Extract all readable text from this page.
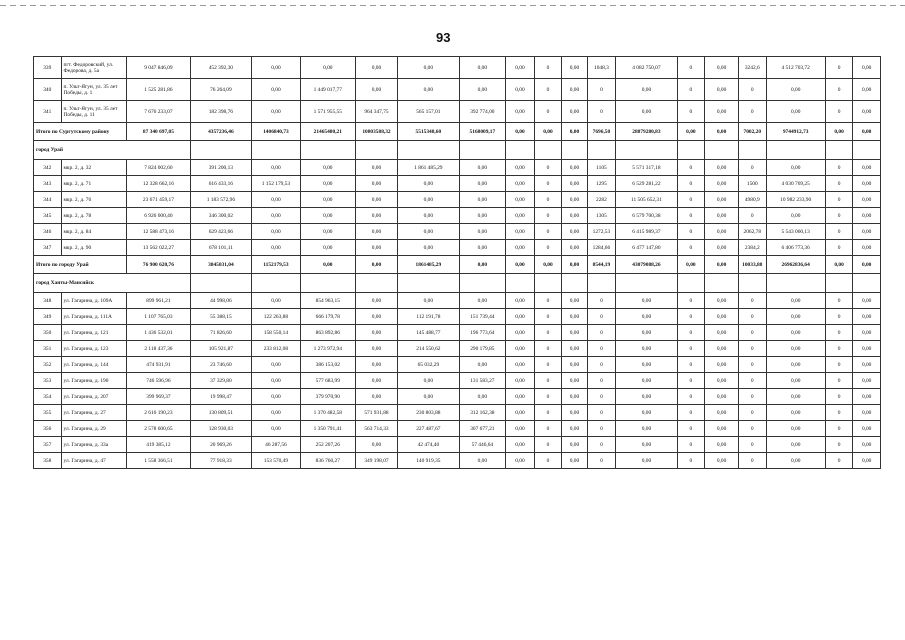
93
339	пгт. Федоровский, ул. Федорова, д. 5а	9 047 846,09	452 392,30	0,00	0,00	0,00	0,00	0,00	0,00	0	0,00	1048,3	4 082 750,07	0	0,00	3242,6	4 512 703,72	0	0,00
340	п. Ульт-Ягун, ул. 35 лет Победы, д. 1	1 525 281,86	76 264,09	0,00	1 449 017,77	0,00	0,00	0,00	0,00	0	0,00	0	0,00	0	0,00	0	0,00	0	0,00
341	п. Ульт-Ягун, ул. 35 лет Победы, д. 11	7 676 233,07	182 398,76	0,00	1 571 955,55	964 347,75	565 157,01	392 774,00	0,00	0	0,00	0	0,00	0	0,00	0	0,00	0	0,00
Итого по Сургутскому району		87 340 697,05	4357236,46	1406840,73	21465480,21	10803588,32	5515348,60	5168009,17	0,00	0,00	0,00	7696,50	28879280,83	0,00	0,00	7002,20	9744912,73	0,00	0,00
город Урай																			
342	мкр. 2, д. 32	7 824 002,60	391 200,13	0,00	0,00	0,00	1 861 485,29	0,00	0,00	0	0,00	1105	5 571 317,18	0	0,00	0	0,00	0	0,00
343	мкр. 2, д. 71	12 328 662,16	616 433,16	1 152 179,53	0,00	0,00	0,00	0,00	0,00	0	0,00	1295	6 529 281,22	0	0,00	1500	4 030 769,25	0	0,00
344	мкр. 2, д. 76	23 671 459,17	1 183 572,96	0,00	0,00	0,00	0,00	0,00	0,00	0	0,00	2282	11 505 652,31	0	0,00	4980,9	10 982 233,90	0	0,00
345	мкр. 2, д. 78	6 926 000,40	346 300,02	0,00	0,00	0,00	0,00	0,00	0,00	0	0,00	1305	6 579 700,38	0	0,00	0	0,00	0	0,00
346	мкр. 2, д. 84	12 588 473,16	629 423,66	0,00	0,00	0,00	0,00	0,00	0,00	0	0,00	1272,53	6 415 989,37	0	0,00	2062,78	5 543 060,13	0	0,00
347	мкр. 2, д. 90	13 562 022,27	678 101,11	0,00	0,00	0,00	0,00	0,00	0,00	0	0,00	1284,66	6 477 147,80	0	0,00	2384,2	6 406 773,36	0	0,00
Итого по городу Урай		76 900 620,76	3845031,04	1152179,53	0,00	0,00	1861485,29	0,00	0,00	0,00	0,00	8544,19	43079088,26	0,00	0,00	10033,88	26962836,64	0,00	0,00
город Ханты-Мансийск																			
348	ул. Гагарина, д. 109А	899 961,21	44 998,06	0,00	854 963,15	0,00	0,00	0,00	0,00	0	0,00	0	0,00	0	0,00	0	0,00	0	0,00
349	ул. Гагарина, д. 111А	1 107 765,03	55 388,15	122 263,88	666 179,78	0,00	112 191,78	151 739,44	0,00	0	0,00	0	0,00	0	0,00	0	0,00	0	0,00
350	ул. Гагарина, д. 121	1 436 532,01	71 826,60	158 550,14	863 892,86	0,00	145 488,77	196 773,64	0,00	0	0,00	0	0,00	0	0,00	0	0,00	0	0,00
351	ул. Гагарина, д. 123	2 118 437,36	105 921,87	233 812,08	1 273 972,94	0,00	214 550,62	290 179,85	0,00	0	0,00	0	0,00	0	0,00	0	0,00	0	0,00
352	ул. Гагарина, д. 144	474 931,91	23 746,60	0,00	386 153,02	0,00	65 032,29	0,00	0,00	0	0,00	0	0,00	0	0,00	0	0,00	0	0,00
353	ул. Гагарина, д. 190	746 596,96	37 329,80	0,00	577 683,99	0,00	0,00	131 583,27	0,00	0	0,00	0	0,00	0	0,00	0	0,00	0	0,00
354	ул. Гагарина, д. 207	399 969,37	19 998,47	0,00	379 970,90	0,00	0,00	0,00	0,00	0	0,00	0	0,00	0	0,00	0	0,00	0	0,00
355	ул. Гагарина, д. 27	2 616 190,23	130 809,51	0,00	1 370 482,58	571 931,88	230 803,88	312 162,38	0,00	0	0,00	0	0,00	0	0,00	0	0,00	0	0,00
356	ул. Гагарина, д. 29	2 578 600,65	128 930,03	0,00	1 350 791,41	563 714,33	227 487,67	307 677,21	0,00	0	0,00	0	0,00	0	0,00	0	0,00	0	0,00
357	ул. Гагарина, д. 33а	419 385,12	20 969,26	46 287,56	252 207,26	0,00	42 474,40	57 446,64	0,00	0	0,00	0	0,00	0	0,00	0	0,00	0	0,00
358	ул. Гагарина, д. 47	1 558 366,51	77 918,33	153 570,49	836 760,27	349 198,07	140 919,35	0,00	0,00	0	0,00	0	0,00	0	0,00	0	0,00	0	0,00
